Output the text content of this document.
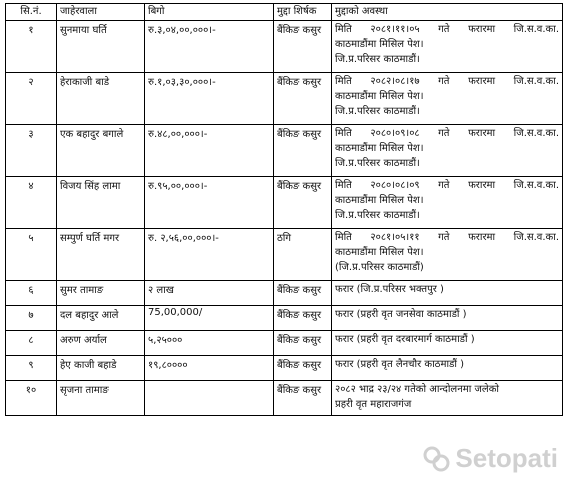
सि.नं.	जाहेरवाला	बिगो	मुद्दा शिर्षक	मुद्दाको अवस्था
१	सुनमाया घर्ति	रु.३,०४,००,०००।-	बैंकिङ कसुर	मिति २०८१।११।०५ गते फरारमा जि.स.व.का.
काठमाडौंमा मिसिल पेश।
जि.प्र.परिसर काठमाडौं।

२	हेराकाजी बाडे	रु.१,०३,३०,०००।-	बैंकिङ कसुर	मिति २०८२।०८।१७ गते फरारमा जि.स.व.का.
काठमाडौंमा मिसिल पेश।
जि.प्र.परिसर काठमाडौं।

३	एक बहादुर बगाले	रु.४८,००,०००।-	बैंकिङ कसुर	मिति २०८०।०९।०८ गते फरारमा जि.स.व.का.
काठमाडौंमा मिसिल पेश।
जि.प्र.परिसर काठमाडौं।

४	विजय सिंह लामा	रु.९५,००,०००।-	बैंकिङ कसुर	मिति २०८०।०८।०९ गते फरारमा जि.स.व.का.
काठमाडौंमा मिसिल पेश।
जि.प्र.परिसर काठमाडौं।

५	सम्पुर्ण घर्ति मगर	रु. २,५६,००,०००।-	ठगि	मिति २०८१।०५।११ गते फरारमा जि.स.व.का.
काठमाडौंमा मिसिल पेश।
(जि.प्र.परिसर काठमाडौं)

६	सुमर तामाङ	२ लाख	बैंकिङ कसुर	फरार (जि.प्र.परिसर भक्तपुर )

७	दल बहादुर आले	75,00,000/	बैंकिङ कसुर	फरार (प्रहरी वृत जनसेवा काठमाडौं )

८	अरुण अर्याल	५,२५०००	बैंकिङ कसुर	फरार (प्रहरी वृत दरबारमार्ग काठमाडौं )

९	हेए काजी बहाडे	१९,८००००	बैंकिङ कसुर	फरार (प्रहरी वृत लैनचौर काठमाडौं )

१०	सृजना तामाङ		बैंकिङ कसुर	२०८२ भाद्र २३/२४ गतेको आन्दोलनमा जलेको
प्रहरी वृत महाराजगंज
Setopati
